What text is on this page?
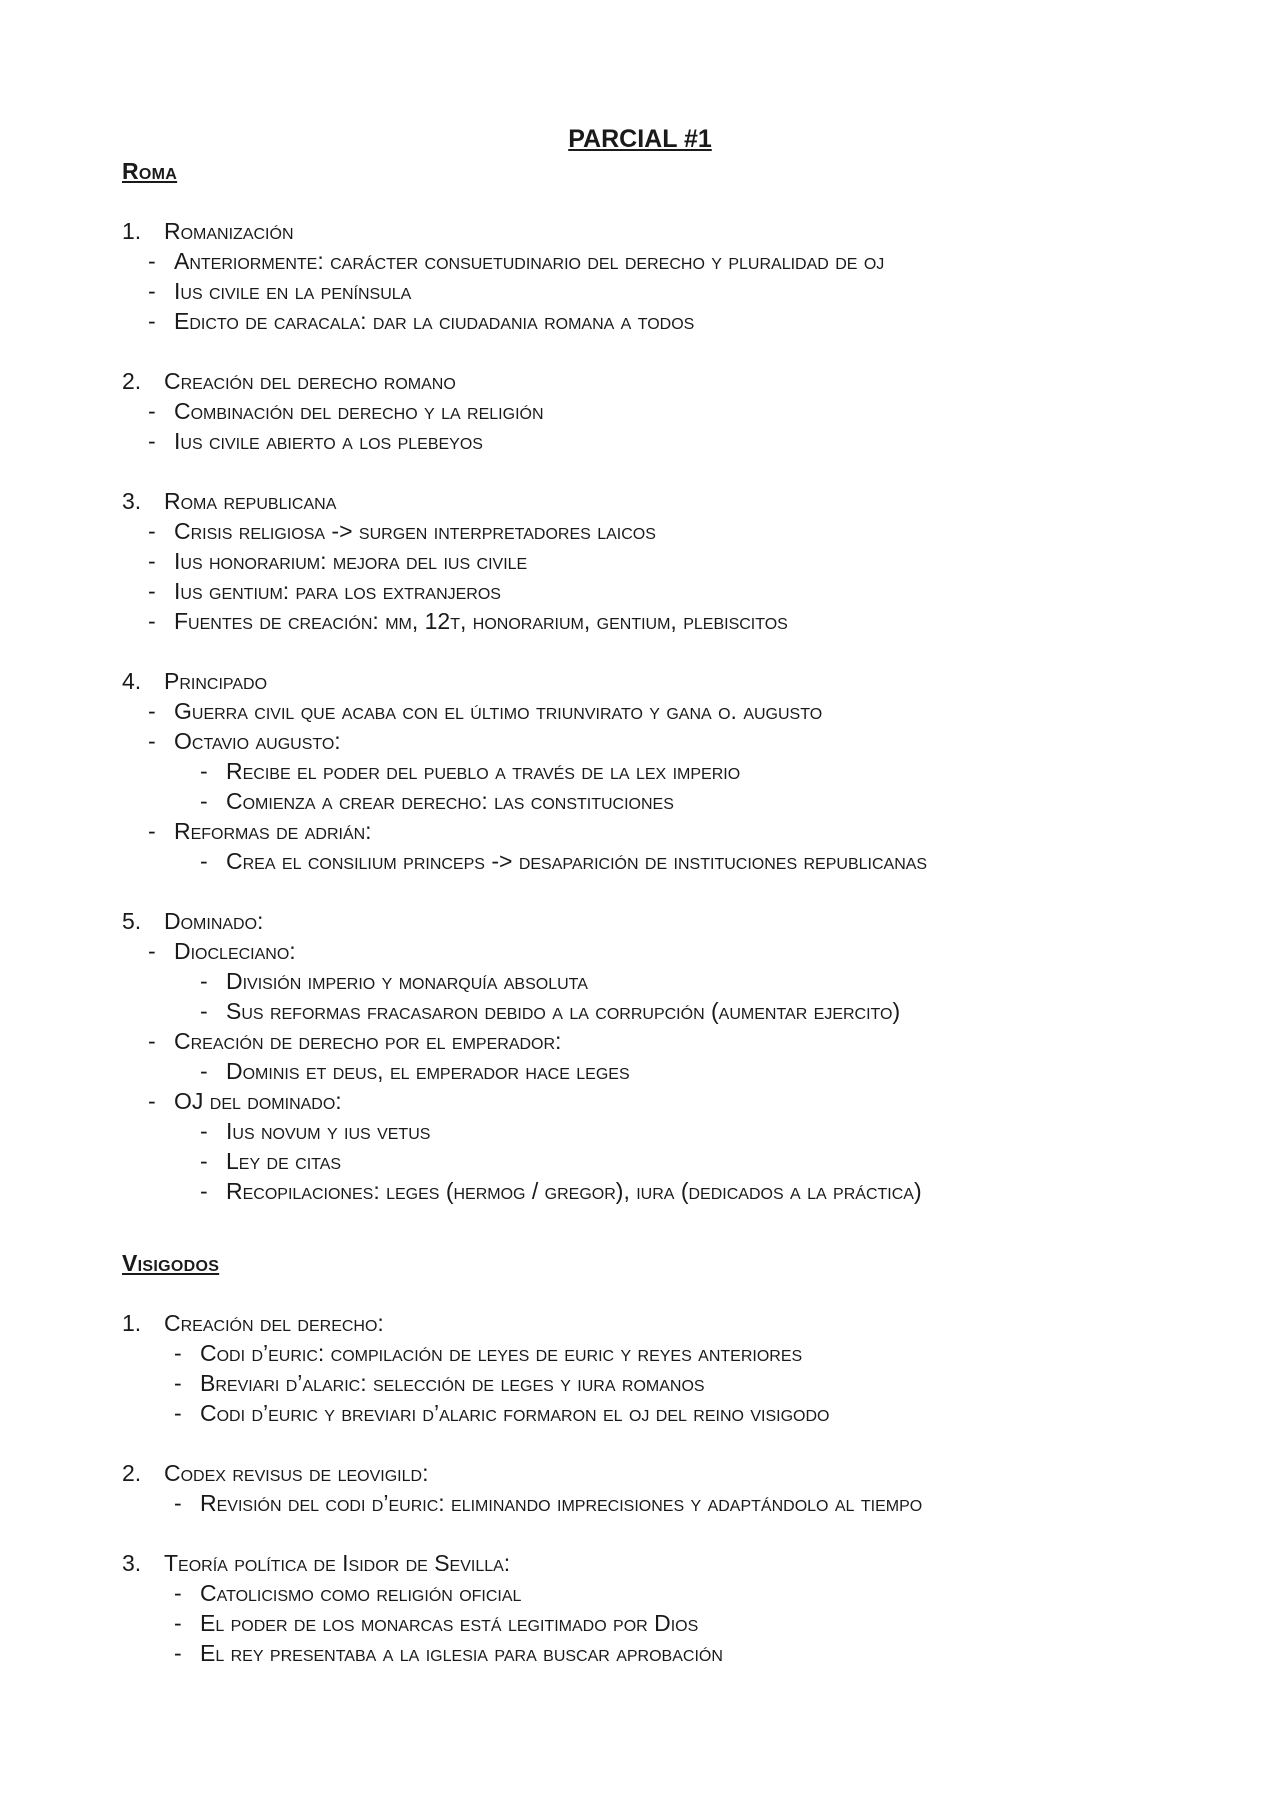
PARCIAL #1
Roma
1. Romanización
- Anteriormente: carácter consuetudinario del derecho y pluralidad de oj
- Ius civile en la península
- Edicto de caracala: dar la ciudadania romana a todos
2. Creación del derecho romano
- Combinación del derecho y la religión
- Ius civile abierto a los plebeyos
3. Roma republicana
- Crisis religiosa -> surgen interpretadores laicos
- Ius honorarium: mejora del ius civile
- Ius gentium: para los extranjeros
- Fuentes de creación: mm, 12t, honorarium, gentium, plebiscitos
4. Principado
- Guerra civil que acaba con el último triunvirato y gana o. augusto
- Octavio augusto:
- Recibe el poder del pueblo a través de la lex imperio
- Comienza a crear derecho: las constituciones
- Reformas de adrián:
- Crea el consilium princeps -> desaparición de instituciones republicanas
5. Dominado:
- Diocleciano:
- División imperio y monarquía absoluta
- Sus reformas fracasaron debido a la corrupción (aumentar ejercito)
- Creación de derecho por el emperador:
- Dominis et deus, el emperador hace leges
- OJ del dominado:
- Ius novum y ius vetus
- Ley de citas
- Recopilaciones: leges (hermog / gregor), iura (dedicados a la práctica)
Visigodos
1. Creación del derecho:
- Codi d’euric: compilación de leyes de euric y reyes anteriores
- Breviari d’alaric: selección de leges y iura romanos
- Codi d’euric y breviari d’alaric formaron el oj del reino visigodo
2. Codex revisus de leovigild:
- Revisión del codi d’euric: eliminando imprecisiones y adaptándolo al tiempo
3. Teoría política de Isidor de Sevilla:
- Catolicismo como religión oficial
- El poder de los monarcas está legitimado por Dios
- El rey presentaba a la iglesia para buscar aprobación
